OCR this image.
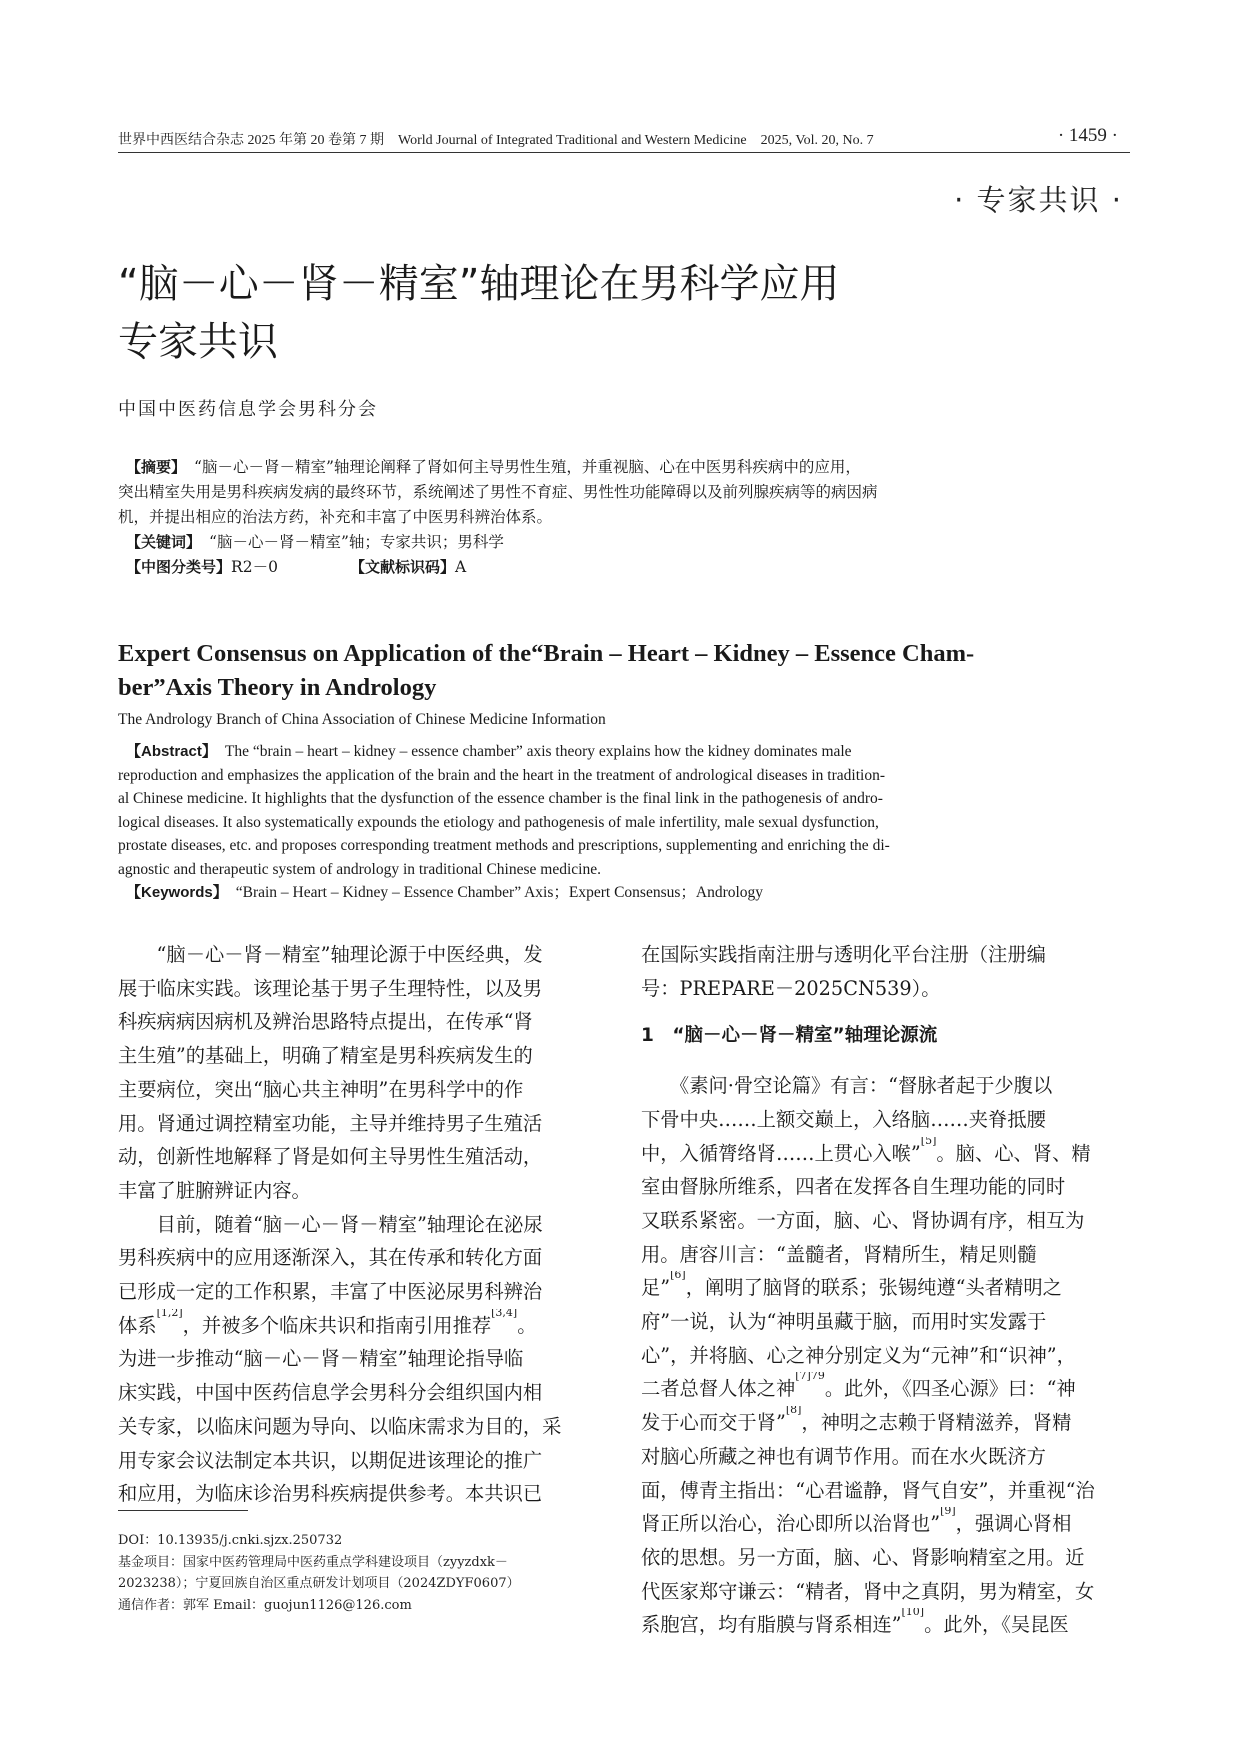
世界中西医结合杂志 2025 年第 20 卷第 7 期　World Journal of Integrated Traditional and Western Medicine　2025, Vol. 20, No. 7	· 1459 ·
· 专家共识 ·
“脑－心－肾－精室”轴理论在男科学应用
专家共识
中国中医药信息学会男科分会
　【摘要】　 “脑－心－肾－精室”轴理论阐释了肾如何主导男性生殖，并重视脑、心在中医男科疾病中的应用，
突出精室失用是男科疾病发病的最终环节，系统阐述了男性不育症、男性性功能障碍以及前列腺疾病等的病因病
机，并提出相应的治法方药，补充和丰富了中医男科辨治体系。
　【关键词】　 “脑－心－肾－精室”轴；专家共识；男科学
　【中图分类号】R2－0	【文献标识码】A
Expert Consensus on Application of the“Brain – Heart – Kidney – Essence Cham-
ber”Axis Theory in Andrology
The Andrology Branch of China Association of Chinese Medicine Information
　【Abstract】　 The “brain – heart – kidney – essence chamber” axis theory explains how the kidney dominates male
reproduction and emphasizes the application of the brain and the heart in the treatment of andrological diseases in tradition-
al Chinese medicine. It highlights that the dysfunction of the essence chamber is the final link in the pathogenesis of andro-
logical diseases. It also systematically expounds the etiology and pathogenesis of male infertility, male sexual dysfunction,
prostate diseases, etc. and proposes corresponding treatment methods and prescriptions, supplementing and enriching the di-
agnostic and therapeutic system of andrology in traditional Chinese medicine.
　【Keywords】　 “Brain – Heart – Kidney – Essence Chamber” Axis；Expert Consensus；Andrology
　　“脑－心－肾－精室”轴理论源于中医经典，发
展于临床实践。该理论基于男子生理特性，以及男
科疾病病因病机及辨治思路特点提出，在传承“肾
主生殖”的基础上，明确了精室是男科疾病发生的
主要病位，突出“脑心共主神明”在男科学中的作
用。肾通过调控精室功能，主导并维持男子生殖活
动，创新性地解释了肾是如何主导男性生殖活动，
丰富了脏腑辨证内容。
　　目前，随着“脑－心－肾－精室”轴理论在泌尿
男科疾病中的应用逐渐深入，其在传承和转化方面
已形成一定的工作积累，丰富了中医泌尿男科辨治
体系[1,2]，并被多个临床共识和指南引用推荐[3,4]。
为进一步推动“脑－心－肾－精室”轴理论指导临
床实践，中国中医药信息学会男科分会组织国内相
关专家，以临床问题为导向、以临床需求为目的，采
用专家会议法制定本共识，以期促进该理论的推广
和应用，为临床诊治男科疾病提供参考。本共识已
在国际实践指南注册与透明化平台注册（注册编
号：PREPARE－2025CN539）。
1　“脑－心－肾－精室”轴理论源流
　　《素问·骨空论篇》有言：“督脉者起于少腹以
下骨中央……上额交巅上，入络脑……夹脊抵腰
中，入循膂络肾……上贯心入喉”[5]。脑、心、肾、精
室由督脉所维系，四者在发挥各自生理功能的同时
又联系紧密。一方面，脑、心、肾协调有序，相互为
用。唐容川言：“盖髓者，肾精所生，精足则髓
足”[6]，阐明了脑肾的联系；张锡纯遵“头者精明之
府”一说，认为“神明虽藏于脑，而用时实发露于
心”，并将脑、心之神分别定义为“元神”和“识神”，
二者总督人体之神$^{[7]79}$。此外，《四圣心源》曰：“神
发于心而交于肾”[8]，神明之志赖于肾精滋养，肾精
对脑心所藏之神也有调节作用。而在水火既济方
面，傅青主指出：“心君谧静，肾气自安”，并重视“治
肾正所以治心，治心即所以治肾也”[9]，强调心肾相
依的思想。另一方面，脑、心、肾影响精室之用。近
代医家郑守谦云：“精者，肾中之真阴，男为精室，女
系胞宫，均有脂膜与肾系相连”[10]。此外，《吴昆医
DOI：10.13935/j.cnki.sjzx.250732
基金项目：国家中医药管理局中医药重点学科建设项目（zyyzdxk－
2023238）；宁夏回族自治区重点研发计划项目（2024ZDYF0607）
通信作者：郭军 Email：guojun1126@126.com
